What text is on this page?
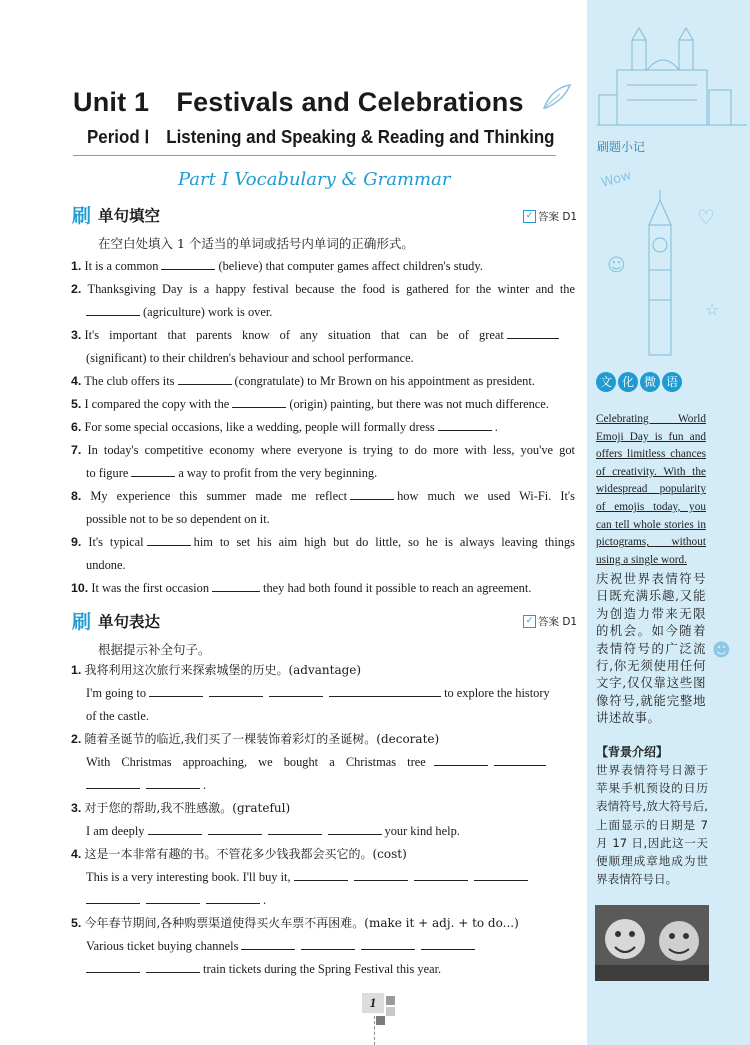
刷题小记
Wow
♡
☺
☆
☻
文 化 微 语
Celebrating World Emoji Day is fun and offers limitless chances of creativity. With the widespread popularity of emojis today, you can tell whole stories in pictograms, without using a single word.
庆祝世界表情符号日既充满乐趣,又能为创造力带来无限的机会。如今随着表情符号的广泛流行,你无须使用任何文字,仅仅靠这些图像符号,就能完整地讲述故事。
【背景介绍】
世界表情符号日源于苹果手机预设的日历表情符号,放大符号后,上面显示的日期是 7 月 17 日,因此这一天便顺理成章地成为世界表情符号日。
Unit 1　Festivals and Celebrations
Period Ⅰ　Listening and Speaking & Reading and Thinking
Part Ⅰ Vocabulary & Grammar
刷 单句填空	✓ 答案 D1
在空白处填入 1 个适当的单词或括号内单词的正确形式。
1. It is a common	(believe) that computer games affect children's study.
2. Thanksgiving Day is a happy festival because the food is gathered for the winter and the
(agriculture) work is over.
3. It's important that parents know of any situation that can be of great
(significant) to their children's behaviour and school performance.
4. The club offers its	(congratulate) to Mr Brown on his appointment as president.
5. I compared the copy with the	(origin) painting, but there was not much difference.
6. For some special occasions, like a wedding, people will formally dress	.
7. In today's competitive economy where everyone is trying to do more with less, you've got
to figure	a way to profit from the very beginning.
8. My experience this summer made me reflect	how much we used Wi-Fi. It's
possible not to be so dependent on it.
9. It's typical	him to set his aim high but do little, so he is always leaving things
undone.
10. It was the first occasion	they had both found it possible to reach an agreement.
刷 单句表达	✓ 答案 D1
根据提示补全句子。
1. 我将利用这次旅行来探索城堡的历史。(advantage)
I'm going to	to explore the history
of the castle.
2. 随着圣诞节的临近,我们买了一棵装饰着彩灯的圣诞树。(decorate)
With Christmas approaching, we bought a Christmas tree
.
3. 对于您的帮助,我不胜感激。(grateful)
I am deeply	your kind help.
4. 这是一本非常有趣的书。不管花多少钱我都会买它的。(cost)
This is a very interesting book. I'll buy it,
.
5. 今年春节期间,各种购票渠道使得买火车票不再困难。(make it + adj. + to do...)
Various ticket buying channels
train tickets during the Spring Festival this year.
1
